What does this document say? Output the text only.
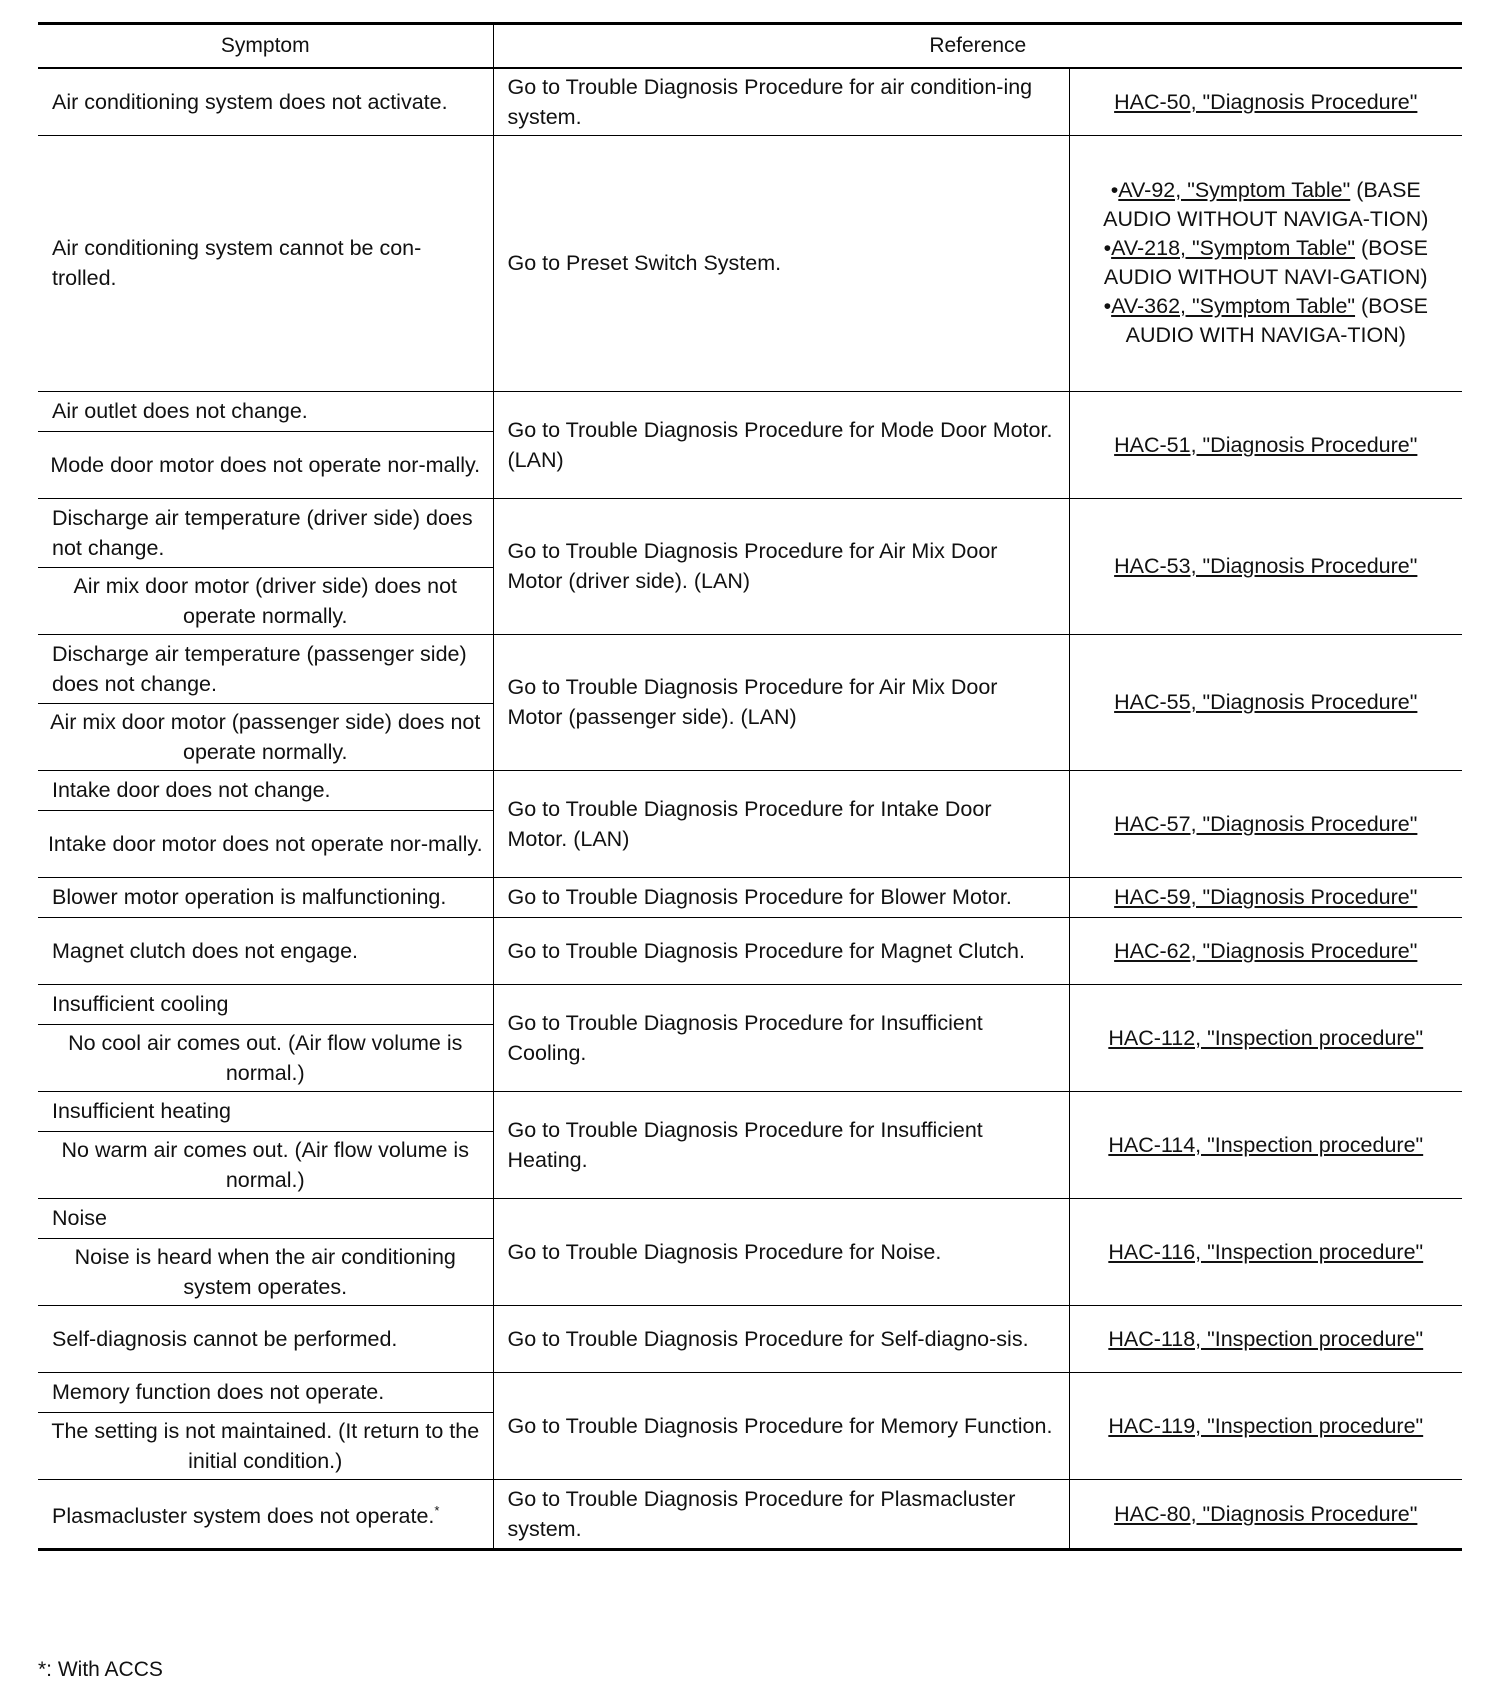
Symptom	Reference	
Air conditioning system does not activate.	Go to Trouble Diagnosis Procedure for air condition-ing system.	HAC-50, "Diagnosis Procedure"
Air conditioning system cannot be con-trolled.	Go to Preset Switch System.	•AV-92, "Symptom Table" (BASE AUDIO WITHOUT NAVIGA-TION)
•AV-218, "Symptom Table" (BOSE AUDIO WITHOUT NAVI-GATION)
•AV-362, "Symptom Table" (BOSE AUDIO WITH NAVIGA-TION)

Air outlet does not change.	Go to Trouble Diagnosis Procedure for Mode Door Motor. (LAN)	HAC-51, "Diagnosis Procedure"
Mode door motor does not operate nor-mally.		
Discharge air temperature (driver side) does not change.	Go to Trouble Diagnosis Procedure for Air Mix Door Motor (driver side). (LAN)	HAC-53, "Diagnosis Procedure"
Air mix door motor (driver side) does not operate normally.		
Discharge air temperature (passenger side) does not change.	Go to Trouble Diagnosis Procedure for Air Mix Door Motor (passenger side). (LAN)	HAC-55, "Diagnosis Procedure"
Air mix door motor (passenger side) does not operate normally.		
Intake door does not change.	Go to Trouble Diagnosis Procedure for Intake Door Motor. (LAN)	HAC-57, "Diagnosis Procedure"
Intake door motor does not operate nor-mally.		
Blower motor operation is malfunctioning.	Go to Trouble Diagnosis Procedure for Blower Motor.	HAC-59, "Diagnosis Procedure"
Magnet clutch does not engage.	Go to Trouble Diagnosis Procedure for Magnet Clutch.	HAC-62, "Diagnosis Procedure"
Insufficient cooling	Go to Trouble Diagnosis Procedure for Insufficient Cooling.	HAC-112, "Inspection procedure"
No cool air comes out. (Air flow volume is normal.)		
Insufficient heating	Go to Trouble Diagnosis Procedure for Insufficient Heating.	HAC-114, "Inspection procedure"
No warm air comes out. (Air flow volume is normal.)		
Noise	Go to Trouble Diagnosis Procedure for Noise.	HAC-116, "Inspection procedure"
Noise is heard when the air conditioning system operates.		
Self-diagnosis cannot be performed.	Go to Trouble Diagnosis Procedure for Self-diagno-sis.	HAC-118, "Inspection procedure"
Memory function does not operate.	Go to Trouble Diagnosis Procedure for Memory Function.	HAC-119, "Inspection procedure"
The setting is not maintained. (It return to the initial condition.)		
Plasmacluster system does not operate.*	Go to Trouble Diagnosis Procedure for Plasmacluster system.	HAC-80, "Diagnosis Procedure"
*: With ACCS
